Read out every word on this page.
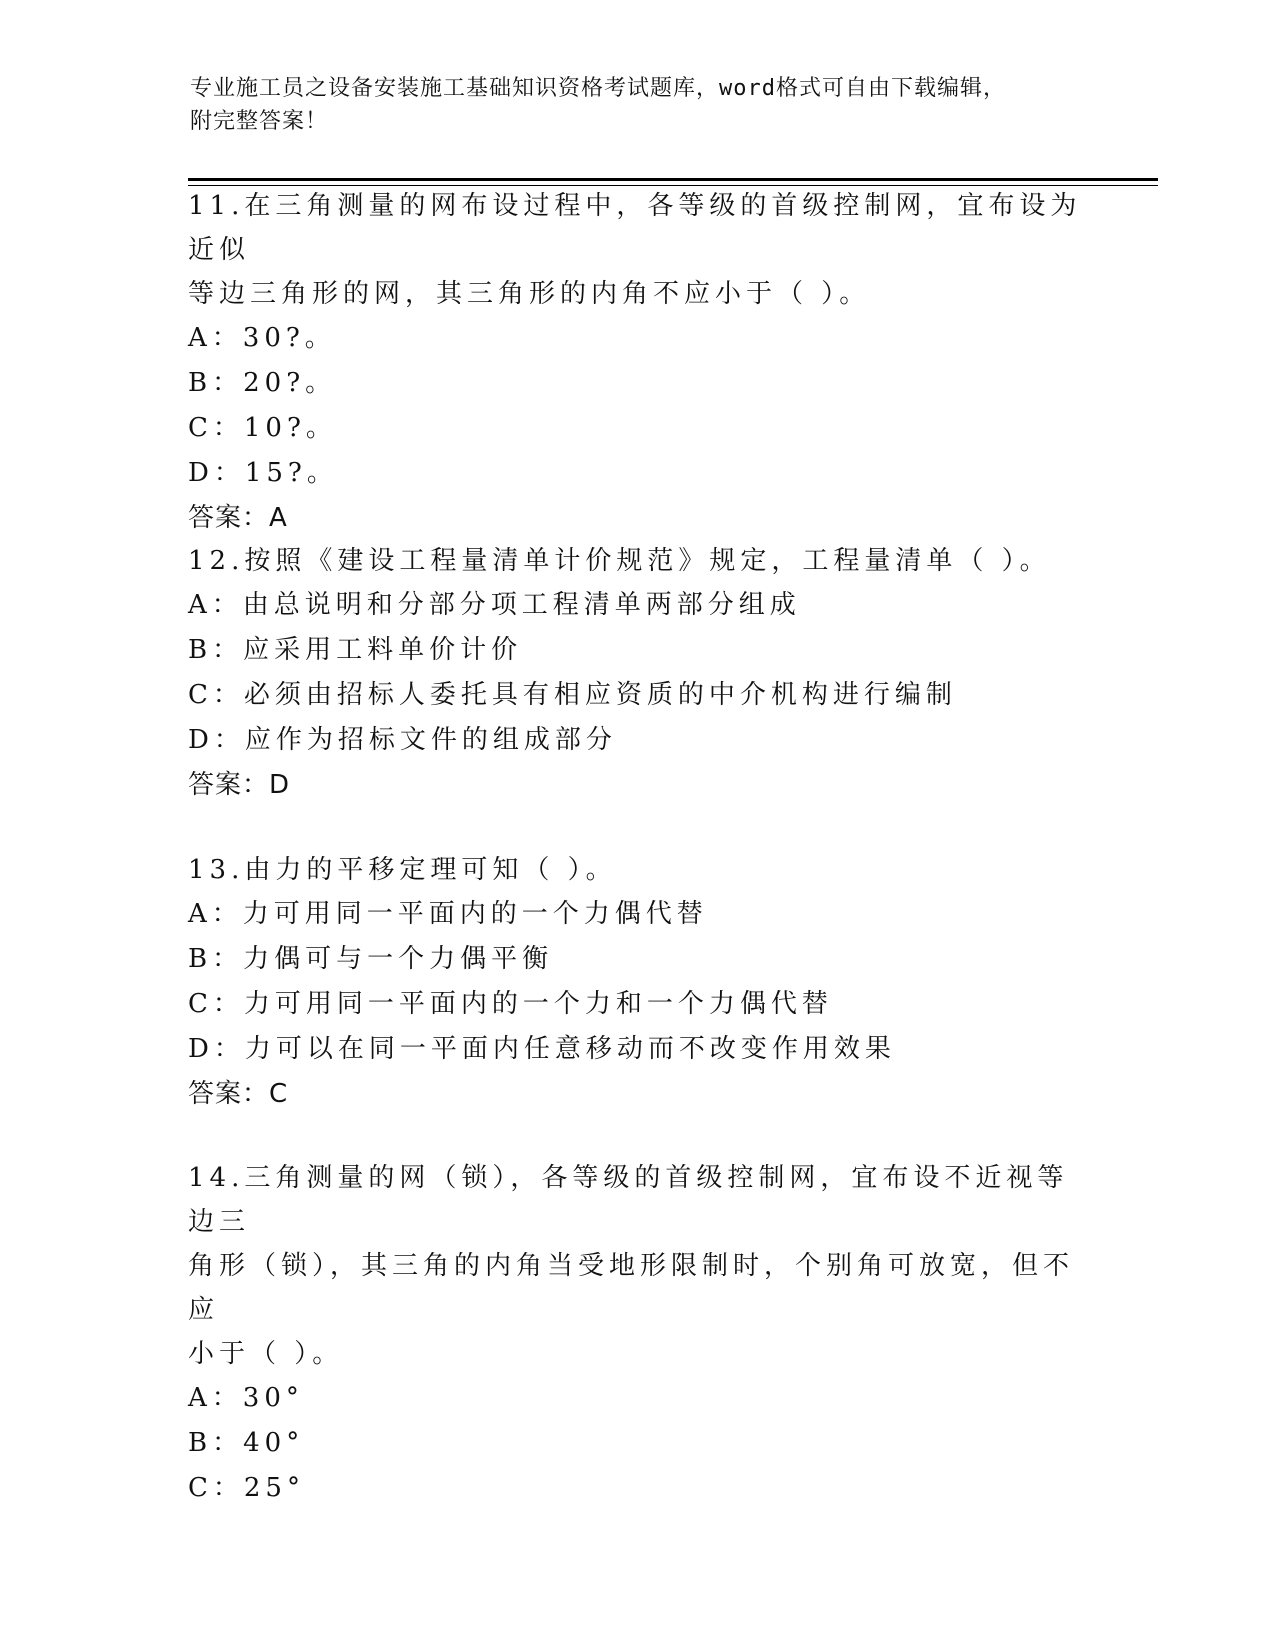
专业施工员之设备安装施工基础知识资格考试题库，word格式可自由下载编辑，
附完整答案！
11.在三角测量的网布设过程中，各等级的首级控制网，宜布设为近似
等边三角形的网，其三角形的内角不应小于（ ）。
A：30?。
B：20?。
C：10?。
D：15?。
答案：A
12.按照《建设工程量清单计价规范》规定，工程量清单（ ）。
A：由总说明和分部分项工程清单两部分组成
B：应采用工料单价计价
C：必须由招标人委托具有相应资质的中介机构进行编制
D：应作为招标文件的组成部分
答案：D
13.由力的平移定理可知（ ）。
A：力可用同一平面内的一个力偶代替
B：力偶可与一个力偶平衡
C：力可用同一平面内的一个力和一个力偶代替
D：力可以在同一平面内任意移动而不改变作用效果
答案：C
14.三角测量的网（锁），各等级的首级控制网，宜布设不近视等边三
角形（锁），其三角的内角当受地形限制时，个别角可放宽，但不应
小于（ ）。
A：30°
B：40°
C：25°
